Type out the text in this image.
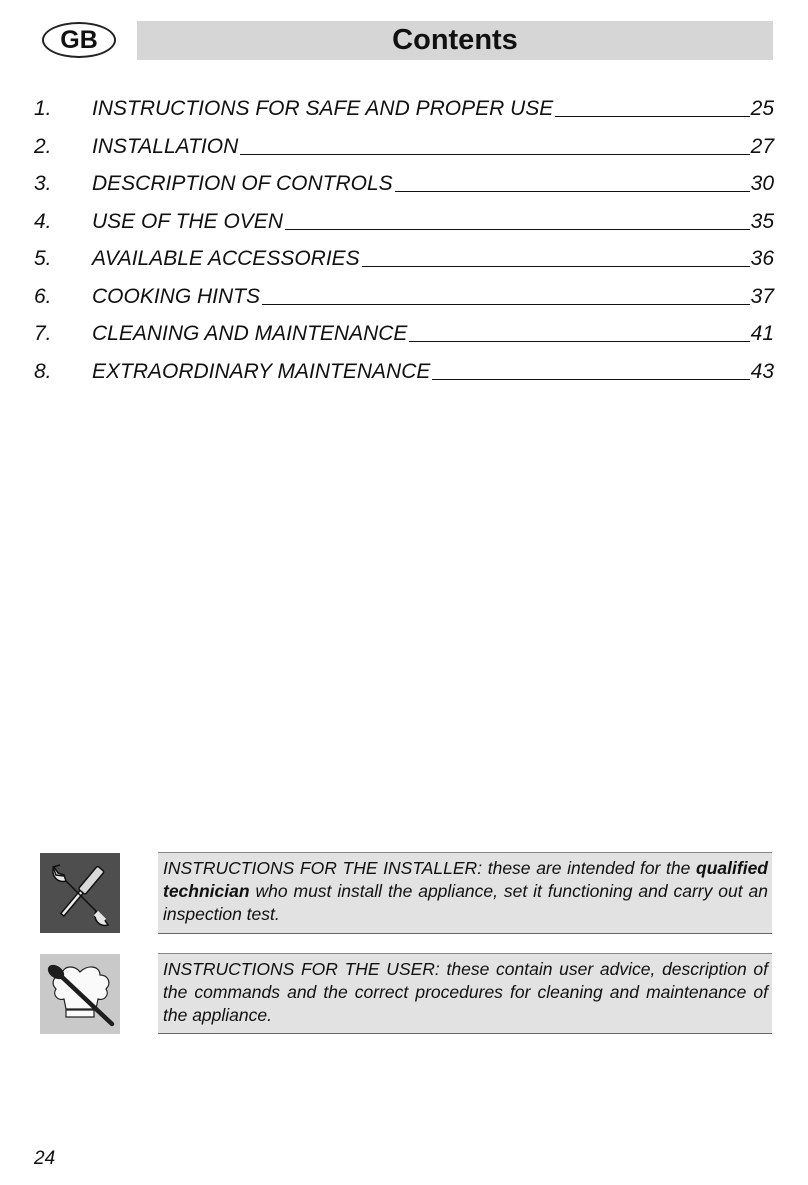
GB	Contents
1.	INSTRUCTIONS FOR SAFE AND PROPER USE	25
2.	INSTALLATION	27
3.	DESCRIPTION OF CONTROLS	30
4.	USE OF THE OVEN	35
5.	AVAILABLE ACCESSORIES	36
6.	COOKING HINTS	37
7.	CLEANING AND MAINTENANCE	41
8.	EXTRAORDINARY MAINTENANCE	43
INSTRUCTIONS FOR THE INSTALLER: these are intended for the qualified technician who must install the appliance, set it functioning and carry out an inspection test.
INSTRUCTIONS FOR THE USER: these contain user advice, description of the commands and the correct procedures for cleaning and maintenance of the appliance.
24
